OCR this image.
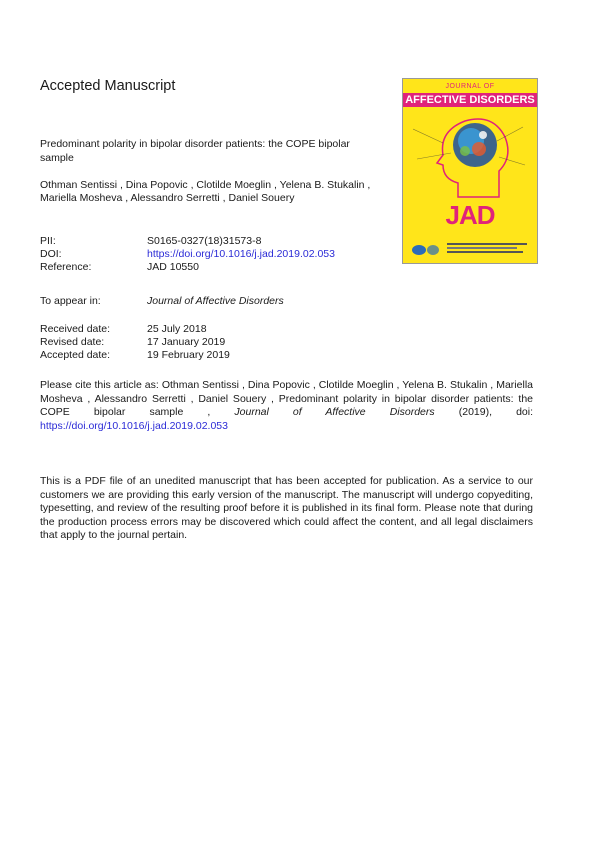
Accepted Manuscript
Predominant polarity in bipolar disorder patients: the COPE bipolar sample
Othman Sentissi , Dina Popovic , Clotilde Moeglin , Yelena B. Stukalin , Mariella Mosheva , Alessandro Serretti , Daniel Souery
PII:	S0165-0327(18)31573-8
DOI:	https://doi.org/10.1016/j.jad.2019.02.053
Reference:	JAD 10550
To appear in:	Journal of Affective Disorders
Received date:	25 July 2018
Revised date:	17 January 2019
Accepted date:	19 February 2019
Please cite this article as: Othman Sentissi , Dina Popovic , Clotilde Moeglin , Yelena B. Stukalin , Mariella Mosheva , Alessandro Serretti , Daniel Souery , Predominant polarity in bipolar disorder patients: the COPE bipolar sample , Journal of Affective Disorders (2019), doi: https://doi.org/10.1016/j.jad.2019.02.053
This is a PDF file of an unedited manuscript that has been accepted for publication. As a service to our customers we are providing this early version of the manuscript. The manuscript will undergo copyediting, typesetting, and review of the resulting proof before it is published in its final form. Please note that during the production process errors may be discovered which could affect the content, and all legal disclaimers that apply to the journal pertain.
JOURNAL OF
AFFECTIVE DISORDERS
JAD
